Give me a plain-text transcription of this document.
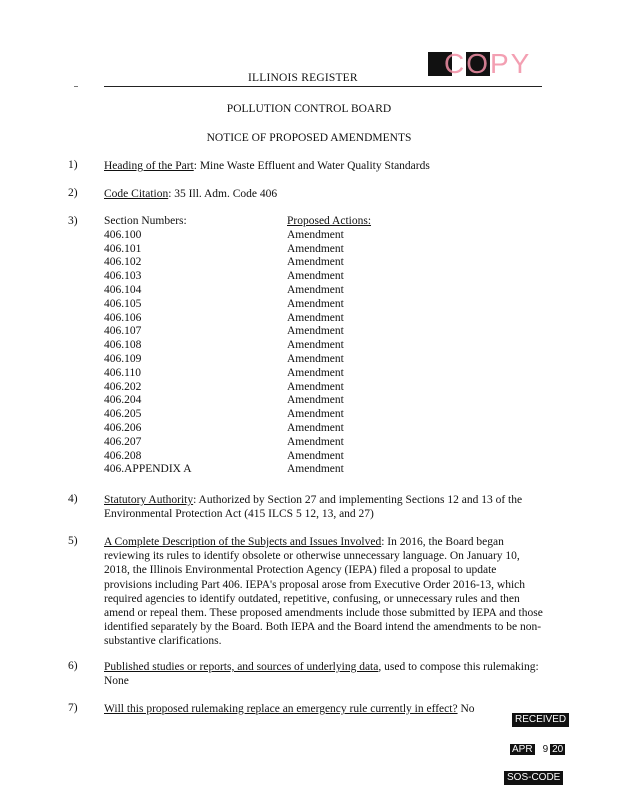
COPY
ILLINOIS REGISTER
POLLUTION CONTROL BOARD
NOTICE OF PROPOSED AMENDMENTS
1) Heading of the Part: Mine Waste Effluent and Water Quality Standards
2) Code Citation: 35 Ill. Adm. Code 406
3) Section Numbers:
406.100
406.101
406.102
406.103
406.104
406.105
406.106
406.107
406.108
406.109
406.110
406.202
406.204
406.205
406.206
406.207
406.208
406.APPENDIX A
Proposed Actions:
Amendment
Amendment
Amendment
Amendment
Amendment
Amendment
Amendment
Amendment
Amendment
Amendment
Amendment
Amendment
Amendment
Amendment
Amendment
Amendment
Amendment
Amendment
4) Statutory Authority: Authorized by Section 27 and implementing Sections 12 and 13 of the Environmental Protection Act (415 ILCS 5 12, 13, and 27)
5) A Complete Description of the Subjects and Issues Involved: In 2016, the Board began reviewing its rules to identify obsolete or otherwise unnecessary language. On January 10, 2018, the Illinois Environmental Protection Agency (IEPA) filed a proposal to update provisions including Part 406. IEPA's proposal arose from Executive Order 2016-13, which required agencies to identify outdated, repetitive, confusing, or unnecessary rules and then amend or repeal them. These proposed amendments include those submitted by IEPA and those identified separately by the Board. Both IEPA and the Board intend the amendments to be non-substantive clarifications.
6) Published studies or reports, and sources of underlying data, used to compose this rulemaking: None
7) Will this proposed rulemaking replace an emergency rule currently in effect? No
RECEIVED
APR 9 20
SOS-CODE
